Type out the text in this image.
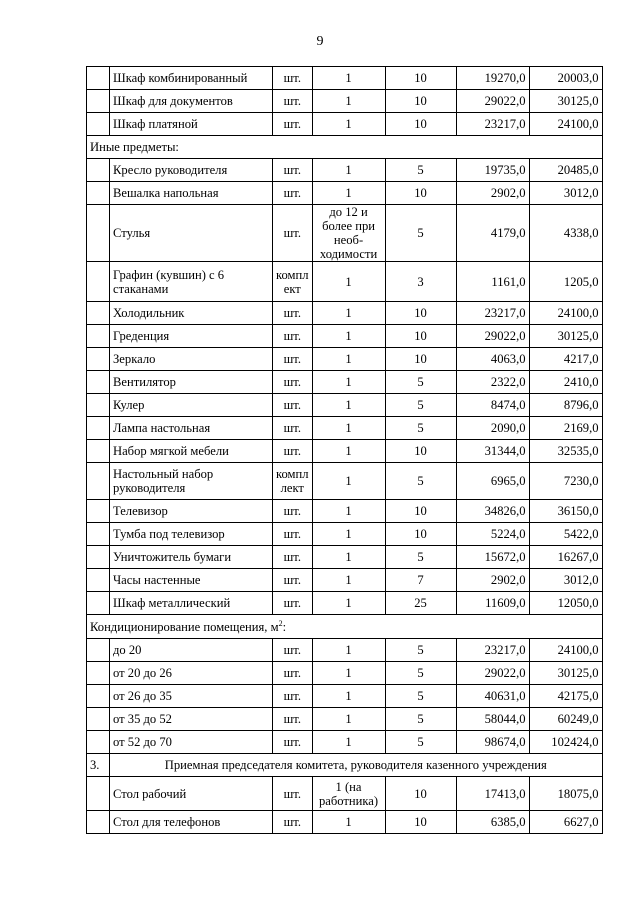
9
	Шкаф комбинированный	шт.	1	10	19270,0	20003,0
	Шкаф для документов	шт.	1	10	29022,0	30125,0
	Шкаф платяной	шт.	1	10	23217,0	24100,0
Иные предметы:						
	Кресло руководителя	шт.	1	5	19735,0	20485,0
	Вешалка напольная	шт.	1	10	2902,0	3012,0
	Стулья	шт.	до 12 и более при необ-ходимости	5	4179,0	4338,0
	Графин (кувшин) с 6 стаканами	компл ект	1	3	1161,0	1205,0
	Холодильник	шт.	1	10	23217,0	24100,0
	Греденция	шт.	1	10	29022,0	30125,0
	Зеркало	шт.	1	10	4063,0	4217,0
	Вентилятор	шт.	1	5	2322,0	2410,0
	Кулер	шт.	1	5	8474,0	8796,0
	Лампа настольная	шт.	1	5	2090,0	2169,0
	Набор мягкой мебели	шт.	1	10	31344,0	32535,0
	Настольный набор руководителя	компл лект	1	5	6965,0	7230,0
	Телевизор	шт.	1	10	34826,0	36150,0
	Тумба под телевизор	шт.	1	10	5224,0	5422,0
	Уничтожитель бумаги	шт.	1	5	15672,0	16267,0
	Часы настенные	шт.	1	7	2902,0	3012,0
	Шкаф металлический	шт.	1	25	11609,0	12050,0
Кондиционирование помещения, $м^2$:						
	до 20	шт.	1	5	23217,0	24100,0
	от 20 до 26	шт.	1	5	29022,0	30125,0
	от 26 до 35	шт.	1	5	40631,0	42175,0
	от 35 до 52	шт.	1	5	58044,0	60249,0
	от 52 до 70	шт.	1	5	98674,0	102424,0
3.	Приемная председателя комитета, руководителя казенного учреждения					
	Стол рабочий	шт.	1 (на работника)	10	17413,0	18075,0
	Стол для телефонов	шт.	1	10	6385,0	6627,0
